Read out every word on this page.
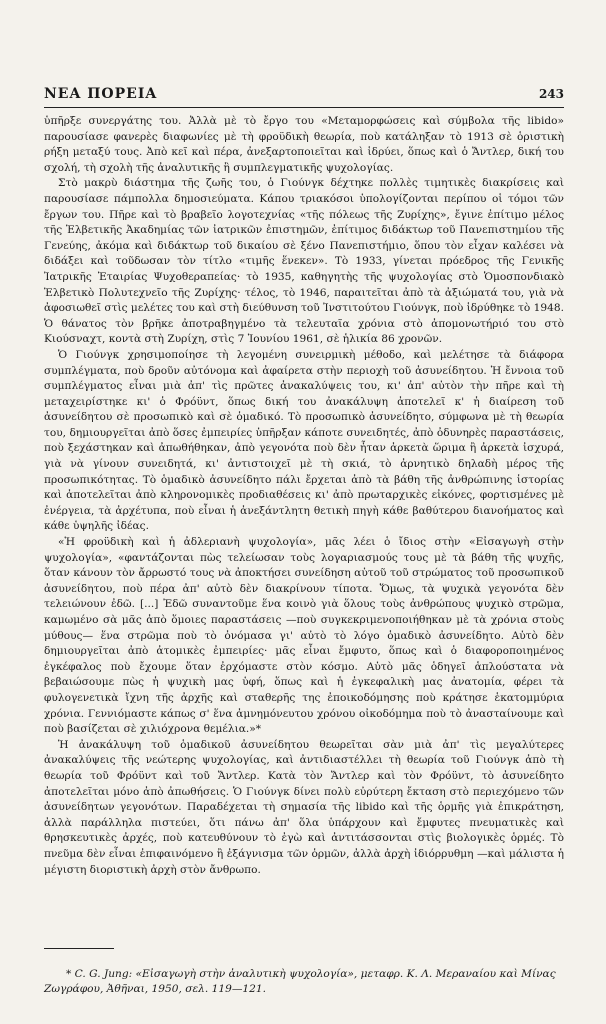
ΝΕΑ ΠΟΡΕΙΑ	243

ὑπῆρξε συνεργάτης του. Ἀλλὰ μὲ τὸ ἔργο του «Μεταμορφώσεις καὶ σύμβολα τῆς libido» παρουσίασε φανερὲς διαφωνίες μὲ τὴ φροϋδικὴ θεωρία, ποὺ κατάληξαν τὸ 1913 σὲ ὁριστικὴ ρήξη μεταξύ τους. Ἀπὸ κεῖ καὶ πέρα, ἀνεξαρτοποιεῖται καὶ ἱδρύει, ὅπως καὶ ὁ Ἄντλερ, δική του σχολή, τὴ σχολὴ τῆς ἀναλυτικῆς ἢ συμπλεγματικῆς ψυχολογίας.

Στὸ μακρὺ διάστημα τῆς ζωῆς του, ὁ Γιούνγκ δέχτηκε πολλὲς τιμητικὲς διακρίσεις καὶ παρουσίασε πάμπολλα δημοσιεύματα. Κάπου τριακόσοι ὑπολογίζονται περίπου οἱ τόμοι τῶν ἔργων του. Πῆρε καὶ τὸ βραβεῖο λογοτεχνίας «τῆς πόλεως τῆς Ζυρίχης», ἔγινε ἐπίτιμο μέλος τῆς Ἑλβετικῆς Ἀκαδημίας τῶν ἰατρικῶν ἐπιστημῶν, ἐπίτιμος διδάκτωρ τοῦ Πανεπιστημίου τῆς Γενεύης, ἀκόμα καὶ διδάκτωρ τοῦ δικαίου σὲ ξένο Πανεπιστήμιο, ὅπου τὸν εἶχαν καλέσει νὰ διδάξει καὶ τοῦδωσαν τὸν τίτλο «τιμῆς ἕνεκεν». Τὸ 1933, γίνεται πρόεδρος τῆς Γενικῆς Ἰατρικῆς Ἑταιρίας Ψυχοθεραπείας· τὸ 1935, καθηγητὴς τῆς ψυχολογίας στὸ Ὁμοσπονδιακὸ Ἑλβετικὸ Πολυτεχνεῖο τῆς Ζυρίχης· τέλος, τὸ 1946, παραιτεῖται ἀπὸ τὰ ἀξιώματά του, γιὰ νὰ ἀφοσιωθεῖ στὶς μελέτες του καὶ στὴ διεύθυνση τοῦ Ἰνστιτούτου Γιούνγκ, ποὺ ἱδρύθηκε τὸ 1948. Ὁ θάνατος τὸν βρῆκε ἀποτραβηγμένο τὰ τελευταῖα χρόνια στὸ ἀπομονωτήριό του στὸ Κιούσναχτ, κοντὰ στὴ Ζυρίχη, στὶς 7 Ἰουνίου 1961, σὲ ἡλικία 86 χρονῶν.

Ὁ Γιούνγκ χρησιμοποίησε τὴ λεγομένη συνειρμικὴ μέθοδο, καὶ μελέτησε τὰ διάφορα συμπλέγματα, ποὺ δροῦν αὐτόνομα καὶ ἀφαίρετα στὴν περιοχὴ τοῦ ἀσυνείδητου. Ἡ ἔννοια τοῦ συμπλέγματος εἶναι μιὰ ἀπ' τὶς πρῶτες ἀνακαλύψεις του, κι' ἀπ' αὐτὸν τὴν πῆρε καὶ τὴ μεταχειρίστηκε κι' ὁ Φρόϋντ, ὅπως δική του ἀνακάλυψη ἀποτελεῖ κ' ἡ διαίρεση τοῦ ἀσυνείδητου σὲ προσωπικὸ καὶ σὲ ὁμαδικό. Τὸ προσωπικὸ ἀσυνείδητο, σύμφωνα μὲ τὴ θεωρία του, δημιουργεῖται ἀπὸ ὅσες ἐμπειρίες ὑπῆρξαν κάποτε συνειδητές, ἀπὸ ὀδυνηρὲς παραστάσεις, ποὺ ξεχάστηκαν καὶ ἀπωθήθηκαν, ἀπὸ γεγονότα ποὺ δὲν ἦταν ἀρκετὰ ὥριμα ἢ ἀρκετὰ ἰσχυρά, γιὰ νὰ γίνουν συνειδητά, κι' ἀντιστοιχεῖ μὲ τὴ σκιά, τὸ ἀρνητικὸ δηλαδὴ μέρος τῆς προσωπικότητας. Τὸ ὁμαδικὸ ἀσυνείδητο πάλι ἔρχεται ἀπὸ τὰ βάθη τῆς ἀνθρώπινης ἱστορίας καὶ ἀποτελεῖται ἀπὸ κληρονομικὲς προδιαθέσεις κι' ἀπὸ πρωταρχικὲς εἰκόνες, φορτισμένες μὲ ἐνέργεια, τὰ ἀρχέτυπα, ποὺ εἶναι ἡ ἀνεξάντλητη θετικὴ πηγὴ κάθε βαθύτερου διανοήματος καὶ κάθε ὑψηλῆς ἰδέας.

«Ἡ φροϋδικὴ καὶ ἡ ἀδλεριανὴ ψυχολογία», μᾶς λέει ὁ ἴδιος στὴν «Εἰσαγωγὴ στὴν ψυχολογία», «φαντάζονται πὼς τελείωσαν τοὺς λογαριασμούς τους μὲ τὰ βάθη τῆς ψυχῆς, ὅταν κάνουν τὸν ἄρρωστό τους νὰ ἀποκτήσει συνείδηση αὐτοῦ τοῦ στρώματος τοῦ προσωπικοῦ ἀσυνείδητου, ποὺ πέρα ἀπ' αὐτὸ δὲν διακρίνουν τίποτα. Ὅμως, τὰ ψυχικὰ γεγονότα δὲν τελειώνουν ἐδῶ. [...] Ἐδῶ συναντοῦμε ἕνα κοινὸ γιὰ ὅλους τοὺς ἀνθρώπους ψυχικὸ στρῶμα, καμωμένο σὰ μᾶς ἀπὸ ὅμοιες παραστάσεις —ποὺ συγκεκριμενοποιήθηκαν μὲ τὰ χρόνια στοὺς μύθους— ἕνα στρῶμα ποὺ τὸ ὀνόμασα γι' αὐτὸ τὸ λόγο ὁμαδικὸ ἀσυνείδητο. Αὐτὸ δὲν δημιουργεῖται ἀπὸ ἀτομικὲς ἐμπειρίες· μᾶς εἶναι ἔμφυτο, ὅπως καὶ ὁ διαφοροποιημένος ἐγκέφαλος ποὺ ἔχουμε ὅταν ἐρχόμαστε στὸν κόσμο. Αὐτὸ μᾶς ὁδηγεῖ ἁπλούστατα νὰ βεβαιώσουμε πὼς ἡ ψυχικὴ μας ὑφή, ὅπως καὶ ἡ ἐγκεφαλικὴ μας ἀνατομία, φέρει τὰ φυλογενετικὰ ἴχνη τῆς ἀρχῆς καὶ σταθερῆς της ἐποικοδόμησης ποὺ κράτησε ἑκατομμύρια χρόνια. Γεννιόμαστε κάπως σ' ἕνα ἀμνημόνευτου χρόνου οἰκοδόμημα ποὺ τὸ ἀνασταίνουμε καὶ ποὺ βασίζεται σὲ χιλιόχρονα θεμέλια.»*

Ἡ ἀνακάλυψη τοῦ ὁμαδικοῦ ἀσυνείδητου θεωρεῖται σὰν μιὰ ἀπ' τὶς μεγαλύτερες ἀνακαλύψεις τῆς νεώτερης ψυχολογίας, καὶ ἀντιδιαστέλλει τὴ θεωρία τοῦ Γιούνγκ ἀπὸ τὴ θεωρία τοῦ Φρόϋντ καὶ τοῦ Ἄντλερ. Κατὰ τὸν Ἄντλερ καὶ τὸν Φρόϋντ, τὸ ἀσυνείδητο ἀποτελεῖται μόνο ἀπὸ ἀπωθήσεις. Ὁ Γιούνγκ δίνει πολὺ εὐρύτερη ἔκταση στὸ περιεχόμενο τῶν ἀσυνείδητων γεγονότων. Παραδέχεται τὴ σημασία τῆς libido καὶ τῆς ὁρμῆς γιὰ ἐπικράτηση, ἀλλὰ παράλληλα πιστεύει, ὅτι πάνω ἀπ' ὅλα ὑπάρχουν καὶ ἔμφυτες πνευματικὲς καὶ θρησκευτικὲς ἀρχές, ποὺ κατευθύνουν τὸ ἐγὼ καὶ ἀντιτάσσονται στὶς βιολογικὲς ὁρμές. Τὸ πνεῦμα δὲν εἶναι ἐπιφαινόμενο ἢ ἐξάγνισμα τῶν ὁρμῶν, ἀλλὰ ἀρχὴ ἰδιόρρυθμη —καὶ μάλιστα ἡ μέγιστη διοριστικὴ ἀρχὴ στὸν ἄνθρωπο.

* C. G. Jung: «Εἰσαγωγὴ στὴν ἀναλυτικὴ ψυχολογία», μεταφρ. Κ. Λ. Μεραναίου καὶ Μίνας Ζωγράφου, Ἀθῆναι, 1950, σελ. 119—121.
